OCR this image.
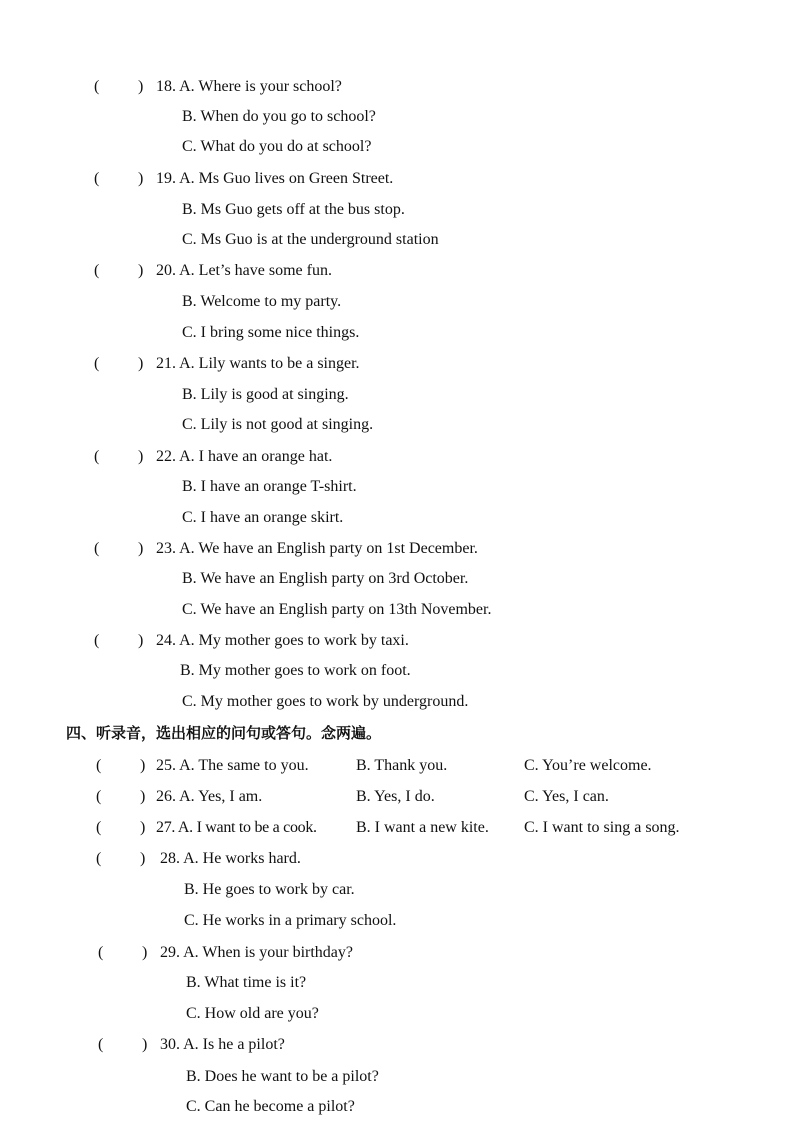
( ) 18. A. Where is your school?
B. When do you go to school?
C. What do you do at school?
( ) 19. A. Ms Guo lives on Green Street.
B. Ms Guo gets off at the bus stop.
C. Ms Guo is at the underground station
( ) 20. A. Let’s have some fun.
B. Welcome to my party.
C. I bring some nice things.
( ) 21. A. Lily wants to be a singer.
B. Lily is good at singing.
C. Lily is not good at singing.
( ) 22. A. I have an orange hat.
B. I have an orange T-shirt.
C. I have an orange skirt.
( ) 23. A. We have an English party on 1st December.
B. We have an English party on 3rd October.
C. We have an English party on 13th November.
( ) 24. A. My mother goes to work by taxi.
B. My mother goes to work on foot.
C. My mother goes to work by underground.
四、听录音，选出相应的问句或答句。念两遍。
( ) 25. A. The same to you.	B. Thank you.	C. You’re welcome.
( ) 26. A. Yes, I am.	B. Yes, I do.	C. Yes, I can.
( ) 27. A. I want to be a cook. B. I want a new kite. C. I want to sing a song.
( ) 28. A. He works hard.
B. He goes to work by car.
C. He works in a primary school.
( ) 29. A. When is your birthday?
B. What time is it?
C. How old are you?
( ) 30. A. Is he a pilot?
B. Does he want to be a pilot?
C. Can he become a pilot?
